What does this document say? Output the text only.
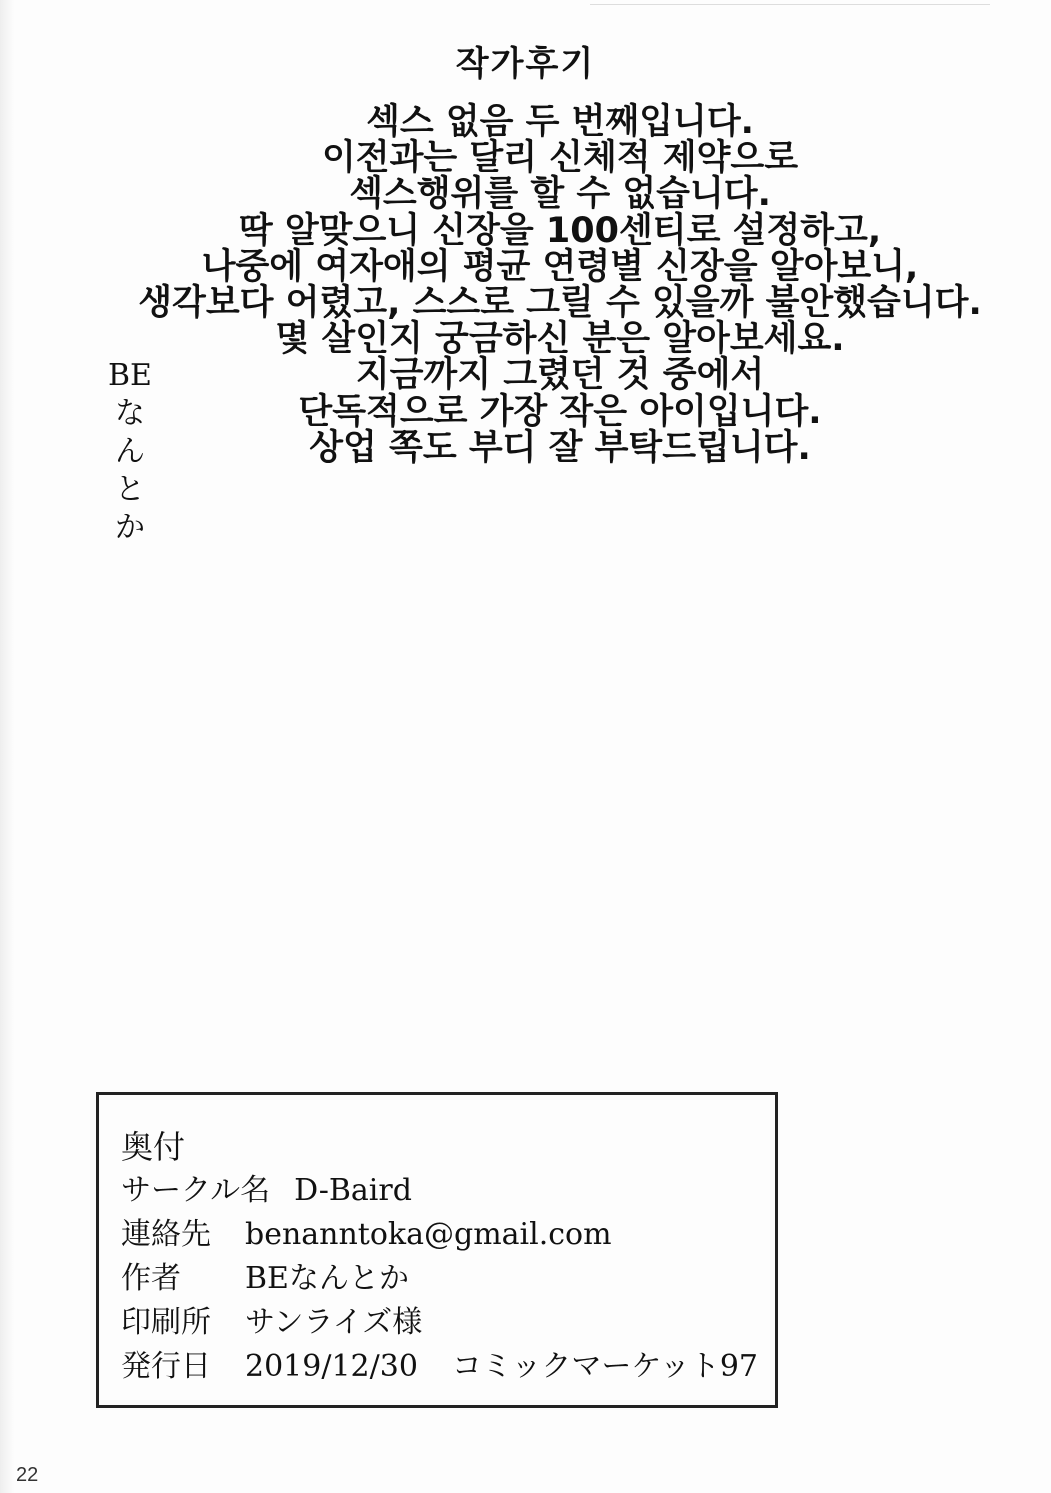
작가후기
섹스 없음 두 번째입니다.
이전과는 달리 신체적 제약으로
섹스행위를 할 수 없습니다.
딱 알맞으니 신장을 100센티로 설정하고,
나중에 여자애의 평균 연령별 신장을 알아보니,
생각보다 어렸고, 스스로 그릴 수 있을까 불안했습니다.
몇 살인지 궁금하신 분은 알아보세요.
지금까지 그렸던 것 중에서
단독적으로 가장 작은 아이입니다.
상업 쪽도 부디 잘 부탁드립니다.
BE
な
ん
と
か
奥付
サークル名 D-Baird
連絡先 benanntoka@gmail.com
作者 BEなんとか
印刷所 サンライズ様
発行日 2019/12/30 コミックマーケット97
22
